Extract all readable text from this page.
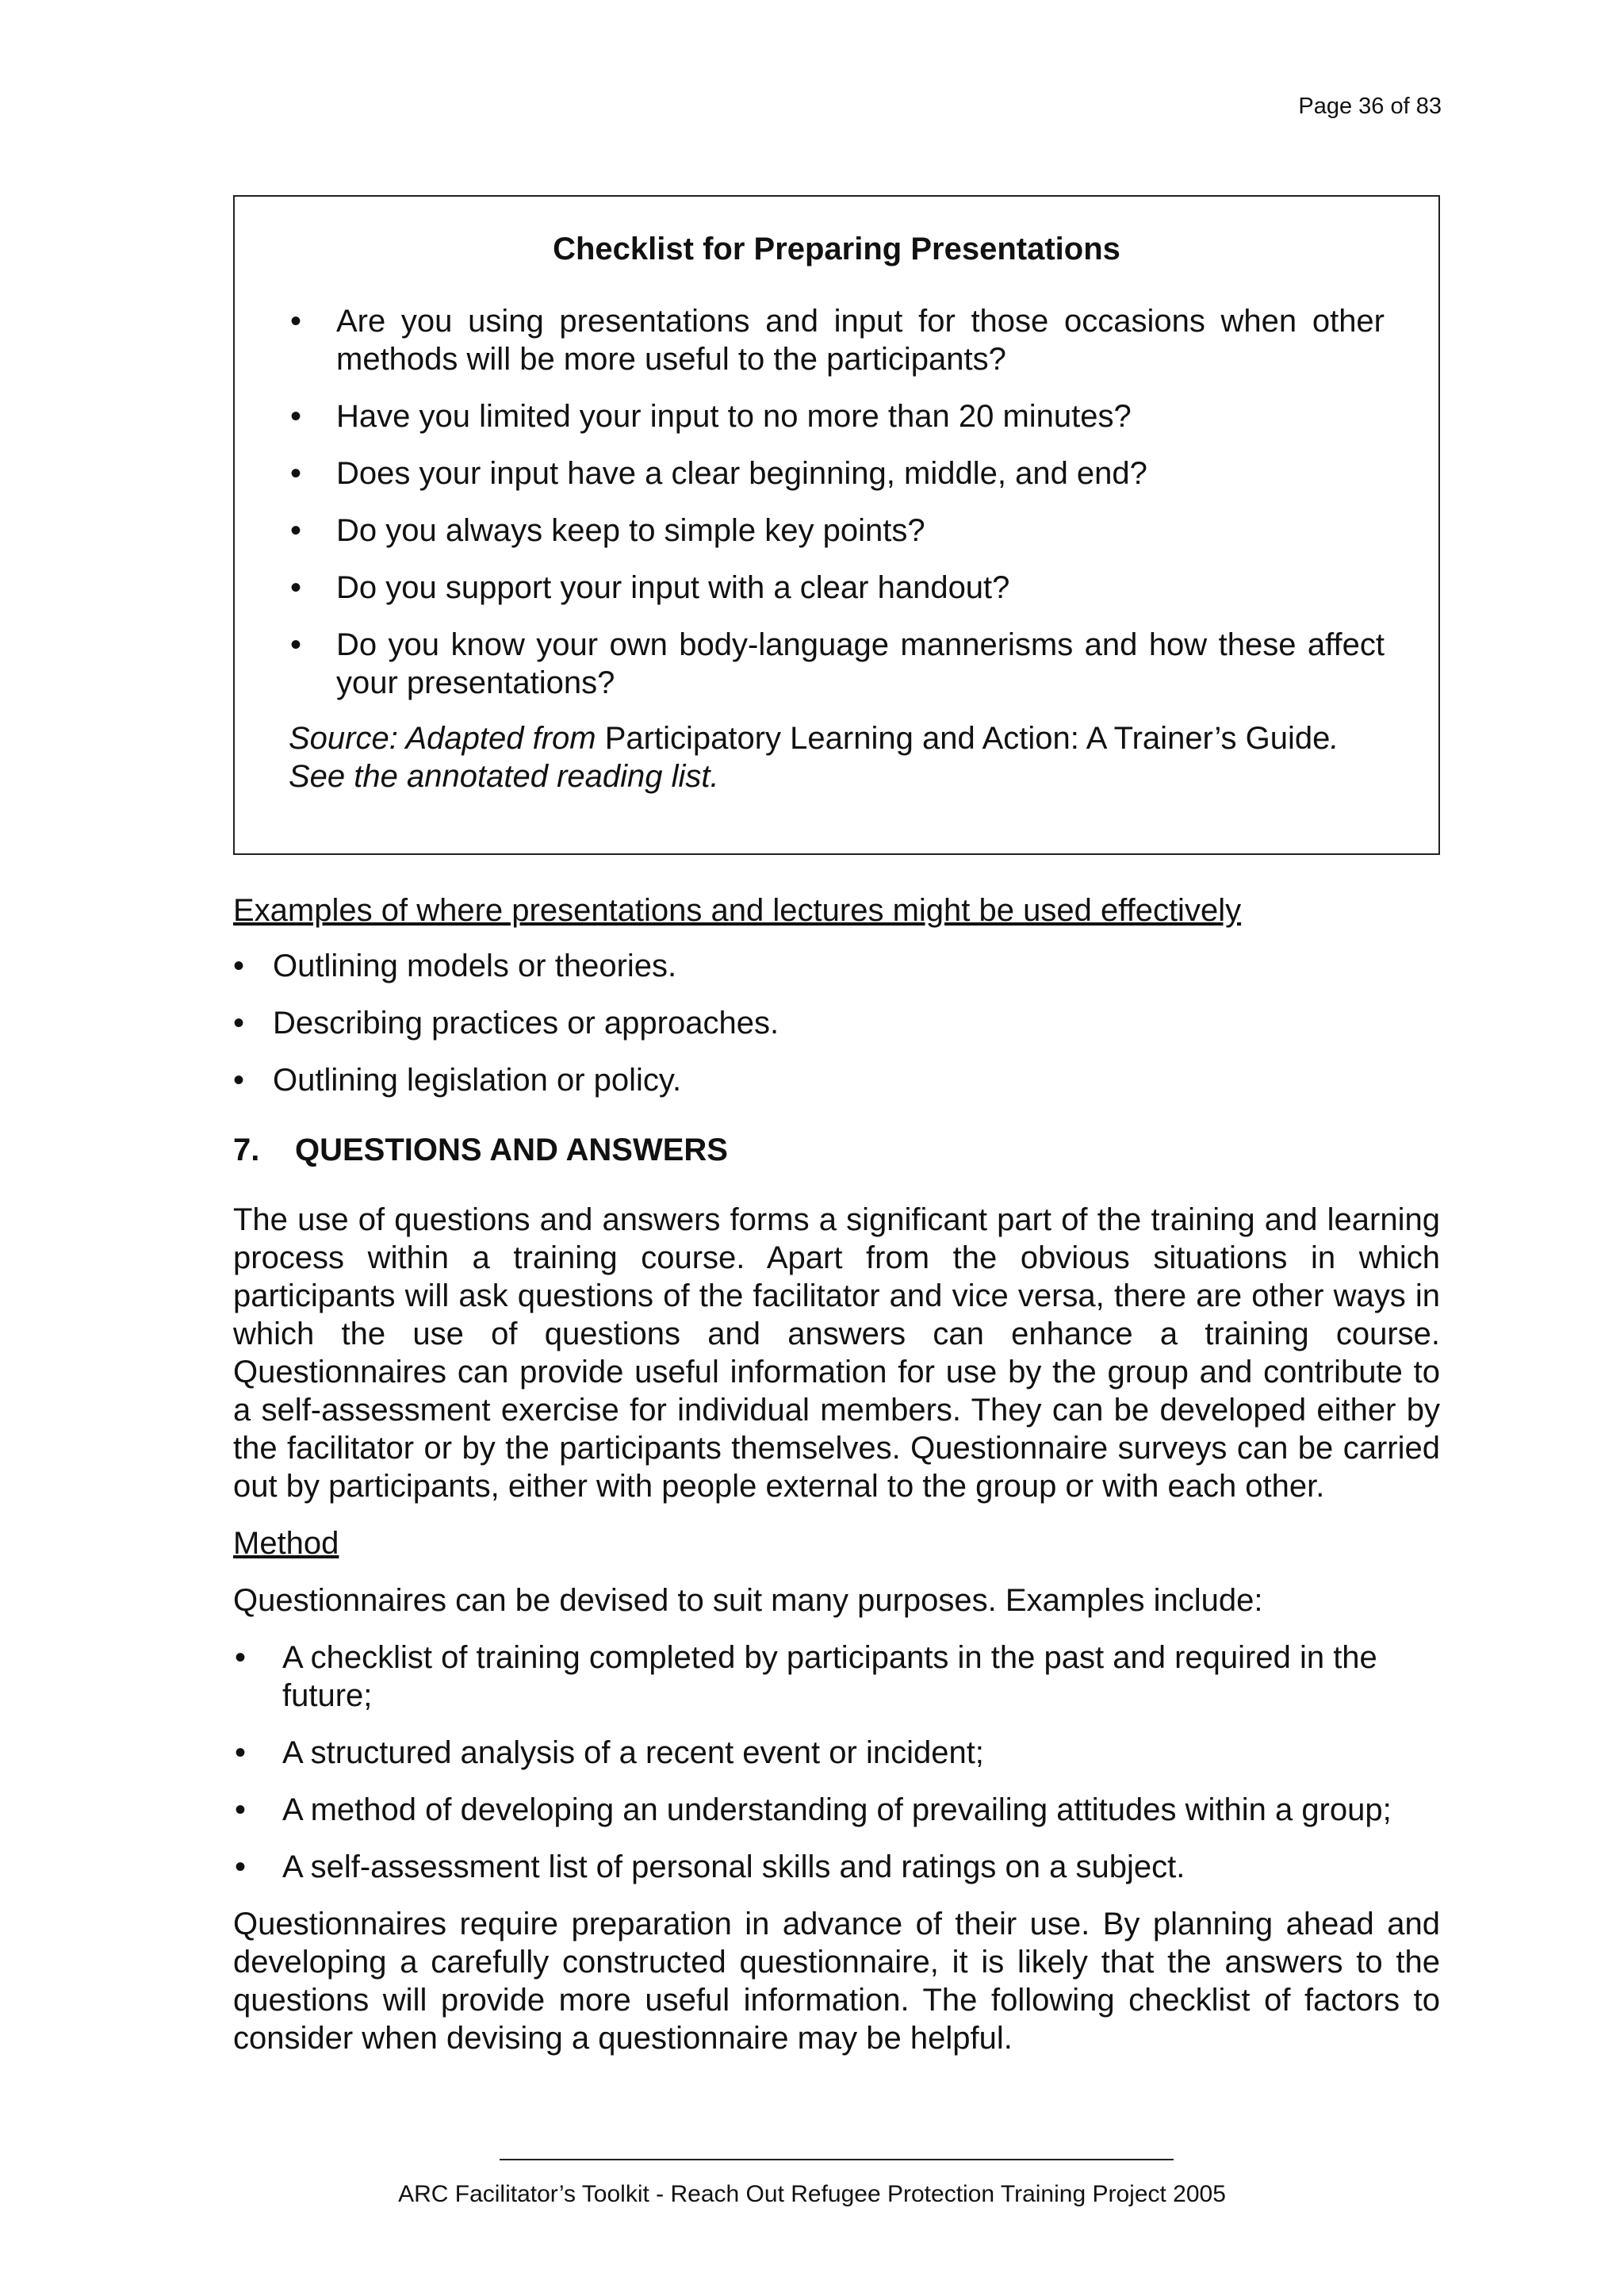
Page 36 of 83
Checklist for Preparing Presentations
• Are you using presentations and input for those occasions when other methods will be more useful to the participants?
• Have you limited your input to no more than 20 minutes?
• Does your input have a clear beginning, middle, and end?
• Do you always keep to simple key points?
• Do you support your input with a clear handout?
• Do you know your own body-language mannerisms and how these affect your presentations?
Source: Adapted from Participatory Learning and Action: A Trainer’s Guide. See the annotated reading list.
Examples of where presentations and lectures might be used effectively
• Outlining models or theories.
• Describing practices or approaches.
• Outlining legislation or policy.
7. QUESTIONS AND ANSWERS

The use of questions and answers forms a significant part of the training and learning process within a training course. Apart from the obvious situations in which participants will ask questions of the facilitator and vice versa, there are other ways in which the use of questions and answers can enhance a training course. Questionnaires can provide useful information for use by the group and contribute to a self-assessment exercise for individual members. They can be developed either by the facilitator or by the participants themselves. Questionnaire surveys can be carried out by participants, either with people external to the group or with each other.

Method

Questionnaires can be devised to suit many purposes. Examples include:

• A checklist of training completed by participants in the past and required in the future;
• A structured analysis of a recent event or incident;
• A method of developing an understanding of prevailing attitudes within a group;
• A self-assessment list of personal skills and ratings on a subject.

Questionnaires require preparation in advance of their use. By planning ahead and developing a carefully constructed questionnaire, it is likely that the answers to the questions will provide more useful information. The following checklist of factors to consider when devising a questionnaire may be helpful.

ARC Facilitator’s Toolkit - Reach Out Refugee Protection Training Project 2005
